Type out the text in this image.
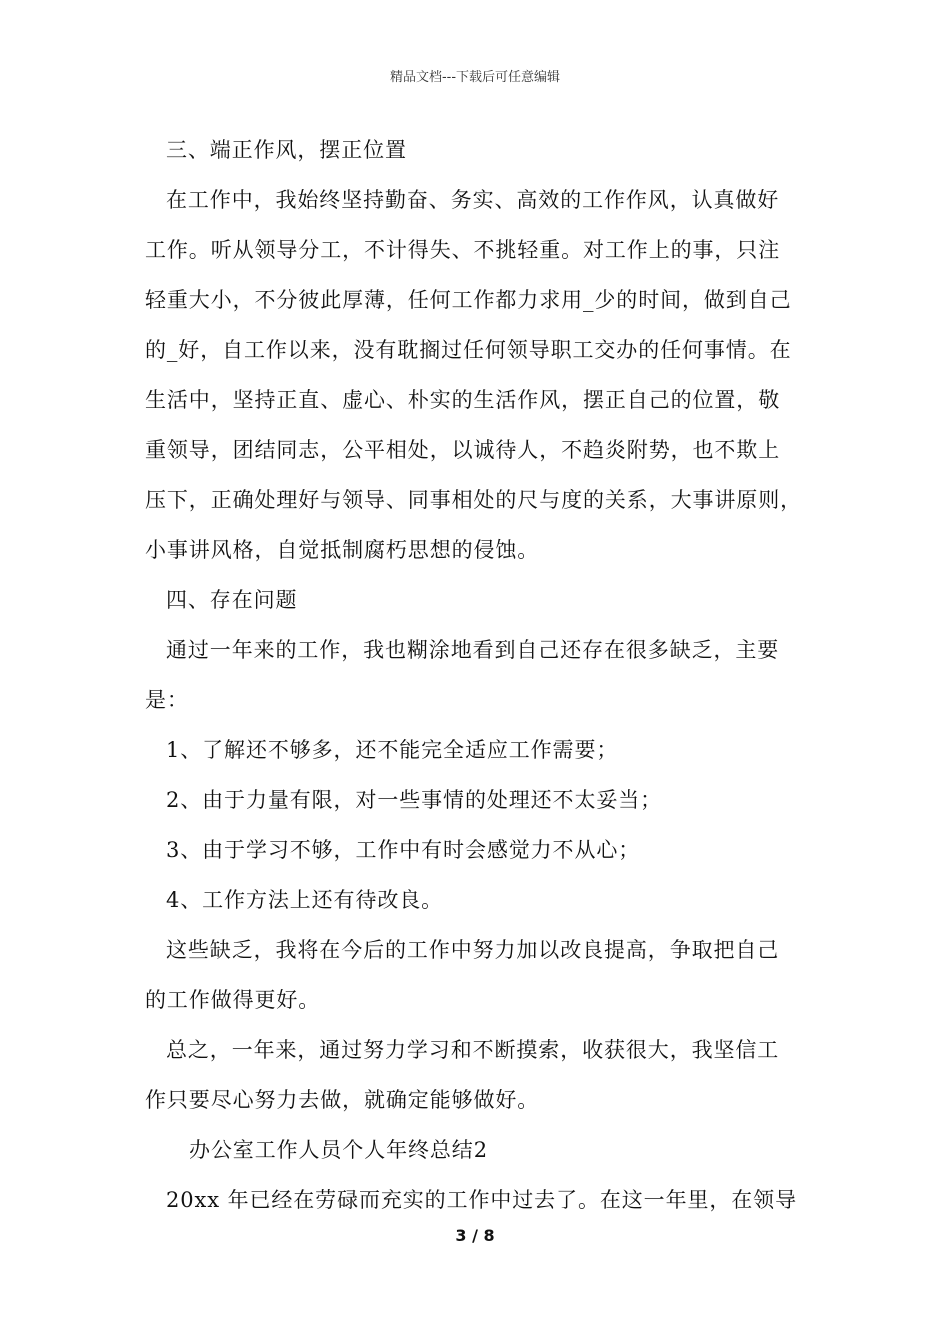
精品文档---下载后可任意编辑
三、端正作风，摆正位置
在工作中，我始终坚持勤奋、务实、高效的工作作风，认真做好
工作。听从领导分工，不计得失、不挑轻重。对工作上的事，只注
轻重大小，不分彼此厚薄，任何工作都力求用_少的时间，做到自己
的_好，自工作以来，没有耽搁过任何领导职工交办的任何事情。在
生活中，坚持正直、虚心、朴实的生活作风，摆正自己的位置，敬
重领导，团结同志，公平相处，以诚待人，不趋炎附势，也不欺上
压下，正确处理好与领导、同事相处的尺与度的关系，大事讲原则，
小事讲风格，自觉抵制腐朽思想的侵蚀。
四、存在问题
通过一年来的工作，我也糊涂地看到自己还存在很多缺乏，主要
是：
1、了解还不够多，还不能完全适应工作需要；
2、由于力量有限，对一些事情的处理还不太妥当；
3、由于学习不够，工作中有时会感觉力不从心；
4、工作方法上还有待改良。
这些缺乏，我将在今后的工作中努力加以改良提高，争取把自己
的工作做得更好。
总之，一年来，通过努力学习和不断摸索，收获很大，我坚信工
作只要尽心努力去做，就确定能够做好。
办公室工作人员个人年终总结2
20xx 年已经在劳碌而充实的工作中过去了。在这一年里，在领导
3 / 8
